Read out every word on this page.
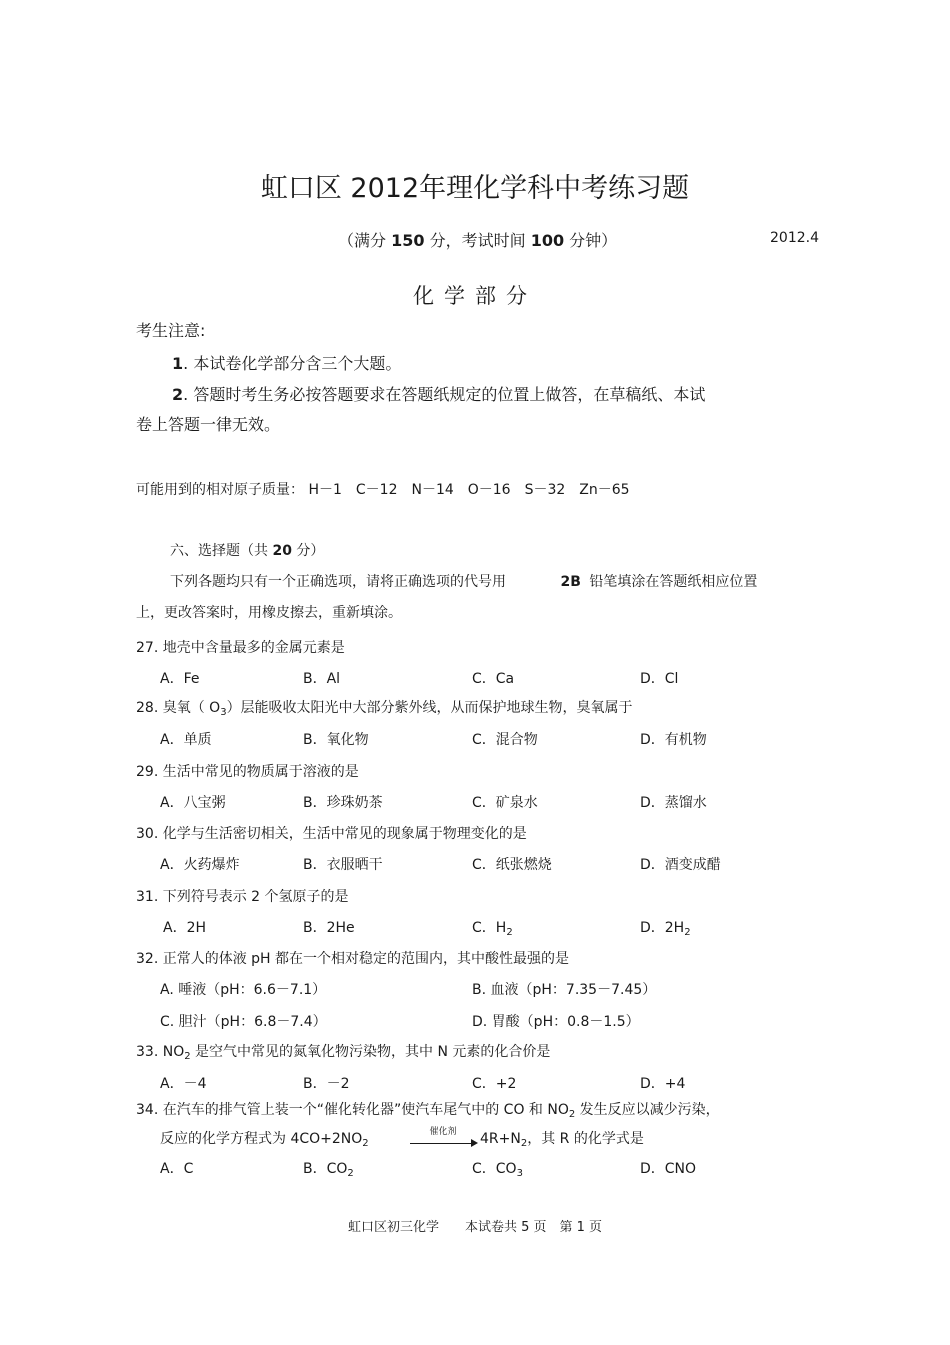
虹口区 2012年理化学科中考练习题
（满分 150 分，考试时间 100 分钟）	2012.4
化学部分
考生注意:
1. 本试卷化学部分含三个大题。
2. 答题时考生务必按答题要求在答题纸规定的位置上做答，在草稿纸、本试
卷上答题一律无效。
可能用到的相对原子质量： H－1　C－12　N－14　O－16　S－32　Zn－65
六、选择题（共 20 分）
下列各题均只有一个正确选项，请将正确选项的代号用	2B 铅笔填涂在答题纸相应位置
上，更改答案时，用橡皮擦去，重新填涂。
27. 地壳中含量最多的金属元素是
A．Fe	B．Al	C．Ca	D．Cl
28. 臭氧（ $O_3$）层能吸收太阳光中大部分紫外线，从而保护地球生物，臭氧属于
A．单质	B．氧化物	C．混合物	D．有机物
29. 生活中常见的物质属于溶液的是
A．八宝粥	B．珍珠奶茶	C．矿泉水	D．蒸馏水
30. 化学与生活密切相关，生活中常见的现象属于物理变化的是
A．火药爆炸	B．衣服晒干	C．纸张燃烧	D．酒变成醋
31. 下列符号表示 2 个氢原子的是
A．2H	B．2He	C．$H_2$	D．$2H_2$
32. 正常人的体液 pH 都在一个相对稳定的范围内，其中酸性最强的是
A. 唾液（pH：6.6－7.1）	B. 血液（pH：7.35－7.45）
C. 胆汁（pH：6.8－7.4）	D. 胃酸（pH：0.8－1.5）
33. $NO_2$ 是空气中常见的氮氧化物污染物，其中 N 元素的化合价是
A．－4	B．－2	C．+2	D．+4
34. 在汽车的排气管上装一个“催化转化器”使汽车尾气中的 CO 和 $NO_2$ 发生反应以减少污染，
反应的化学方程式为 $4CO+2NO_2$
催化剂	$4R+N_2$，其 R 的化学式是
A．C	B．$CO_2$	C．$CO_3$	D．CNO
虹口区初三化学　　本试卷共 5 页　第 1 页
